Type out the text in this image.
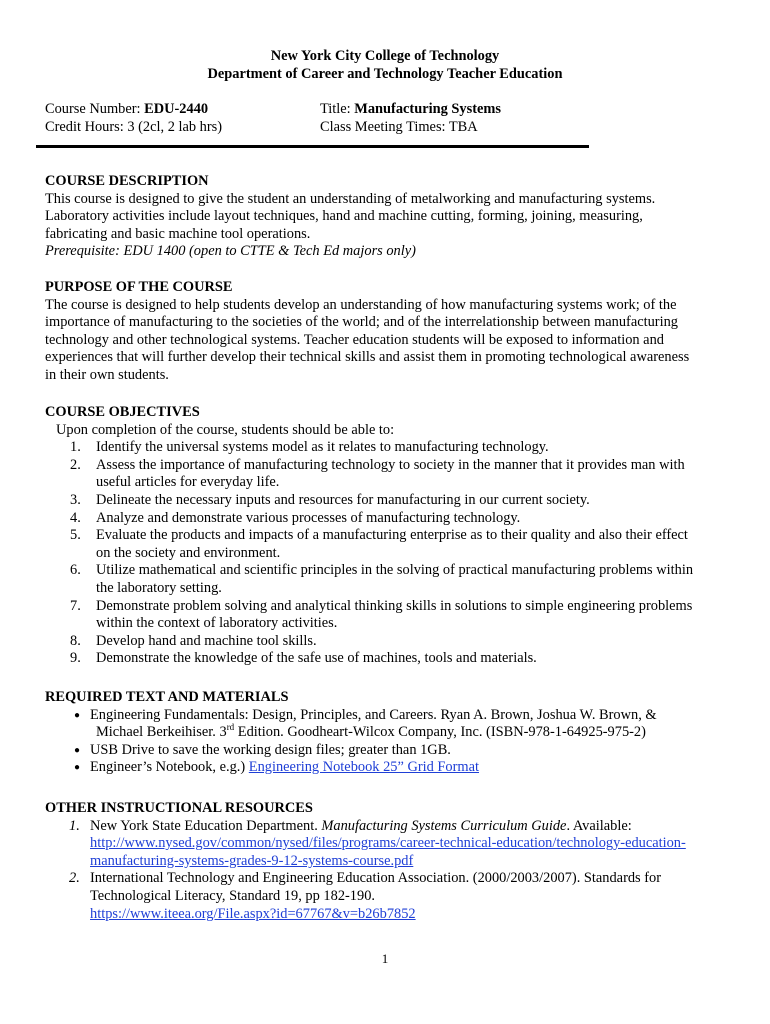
New York City College of Technology
Department of Career and Technology Teacher Education
Course Number: EDU-2440
Credit Hours: 3 (2cl, 2 lab hrs)
Title: Manufacturing Systems
Class Meeting Times: TBA
COURSE DESCRIPTION
This course is designed to give the student an understanding of metalworking and manufacturing systems.
Laboratory activities include layout techniques, hand and machine cutting, forming, joining, measuring,
fabricating and basic machine tool operations.
Prerequisite: EDU 1400 (open to CTTE & Tech Ed majors only)
PURPOSE OF THE COURSE
The course is designed to help students develop an understanding of how manufacturing systems work; of the
importance of manufacturing to the societies of the world; and of the interrelationship between manufacturing
technology and other technological systems. Teacher education students will be exposed to information and
experiences that will further develop their technical skills and assist them in promoting technological awareness
in their own students.
COURSE OBJECTIVES
Upon completion of the course, students should be able to:
1. Identify the universal systems model as it relates to manufacturing technology.
2. Assess the importance of manufacturing technology to society in the manner that it provides man with
useful articles for everyday life.
3. Delineate the necessary inputs and resources for manufacturing in our current society.
4. Analyze and demonstrate various processes of manufacturing technology.
5. Evaluate the products and impacts of a manufacturing enterprise as to their quality and also their effect
on the society and environment.
6. Utilize mathematical and scientific principles in the solving of practical manufacturing problems within
the laboratory setting.
7. Demonstrate problem solving and analytical thinking skills in solutions to simple engineering problems
within the context of laboratory activities.
8. Develop hand and machine tool skills.
9. Demonstrate the knowledge of the safe use of machines, tools and materials.
REQUIRED TEXT AND MATERIALS
● Engineering Fundamentals: Design, Principles, and Careers. Ryan A. Brown, Joshua W. Brown, &
Michael Berkeihiser. 3rd Edition. Goodheart-Wilcox Company, Inc. (ISBN-978-1-64925-975-2)
● USB Drive to save the working design files; greater than 1GB.
● Engineer’s Notebook, e.g.) Engineering Notebook 25” Grid Format
OTHER INSTRUCTIONAL RESOURCES
1. New York State Education Department. Manufacturing Systems Curriculum Guide. Available:
http://www.nysed.gov/common/nysed/files/programs/career-technical-education/technology-education-
manufacturing-systems-grades-9-12-systems-course.pdf
2. International Technology and Engineering Education Association. (2000/2003/2007). Standards for
Technological Literacy, Standard 19, pp 182-190.
https://www.iteea.org/File.aspx?id=67767&v=b26b7852
1
